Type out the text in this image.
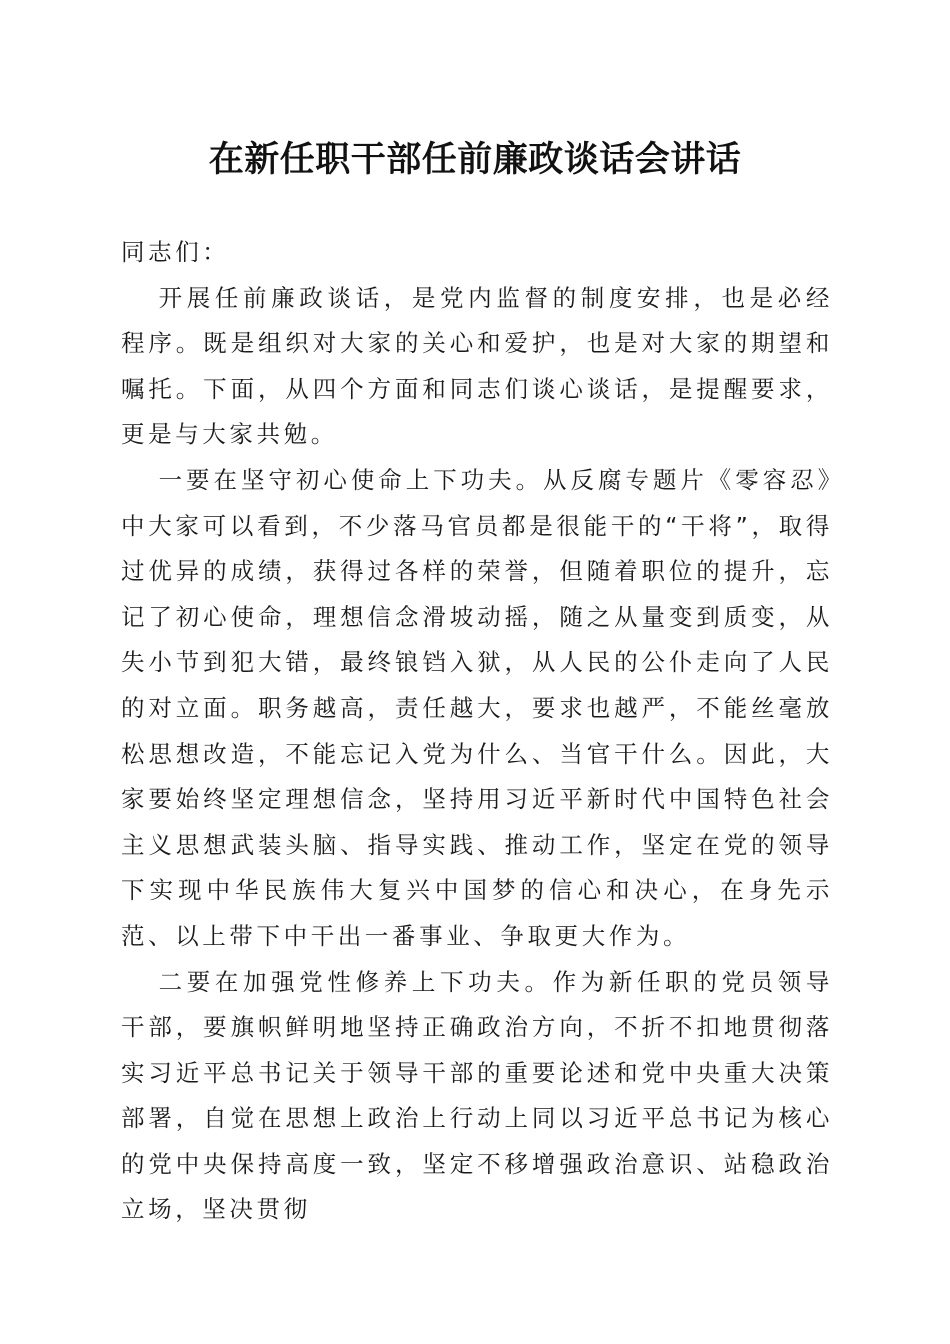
在新任职干部任前廉政谈话会讲话

同志们：

开展任前廉政谈话，是党内监督的制度安排，也是必经程序。既是组织对大家的关心和爱护，也是对大家的期望和嘱托。下面，从四个方面和同志们谈心谈话，是提醒要求，更是与大家共勉。

一要在坚守初心使命上下功夫。从反腐专题片《零容忍》中大家可以看到，不少落马官员都是很能干的“干将”，取得过优异的成绩，获得过各样的荣誉，但随着职位的提升，忘记了初心使命，理想信念滑坡动摇，随之从量变到质变，从失小节到犯大错，最终锒铛入狱，从人民的公仆走向了人民的对立面。职务越高，责任越大，要求也越严，不能丝毫放松思想改造，不能忘记入党为什么、当官干什么。因此，大家要始终坚定理想信念，坚持用习近平新时代中国特色社会主义思想武装头脑、指导实践、推动工作，坚定在党的领导下实现中华民族伟大复兴中国梦的信心和决心，在身先示范、以上带下中干出一番事业、争取更大作为。

二要在加强党性修养上下功夫。作为新任职的党员领导干部，要旗帜鲜明地坚持正确政治方向，不折不扣地贯彻落实习近平总书记关于领导干部的重要论述和党中央重大决策部署，自觉在思想上政治上行动上同以习近平总书记为核心的党中央保持高度一致，坚定不移增强政治意识、站稳政治立场，坚决贯彻
